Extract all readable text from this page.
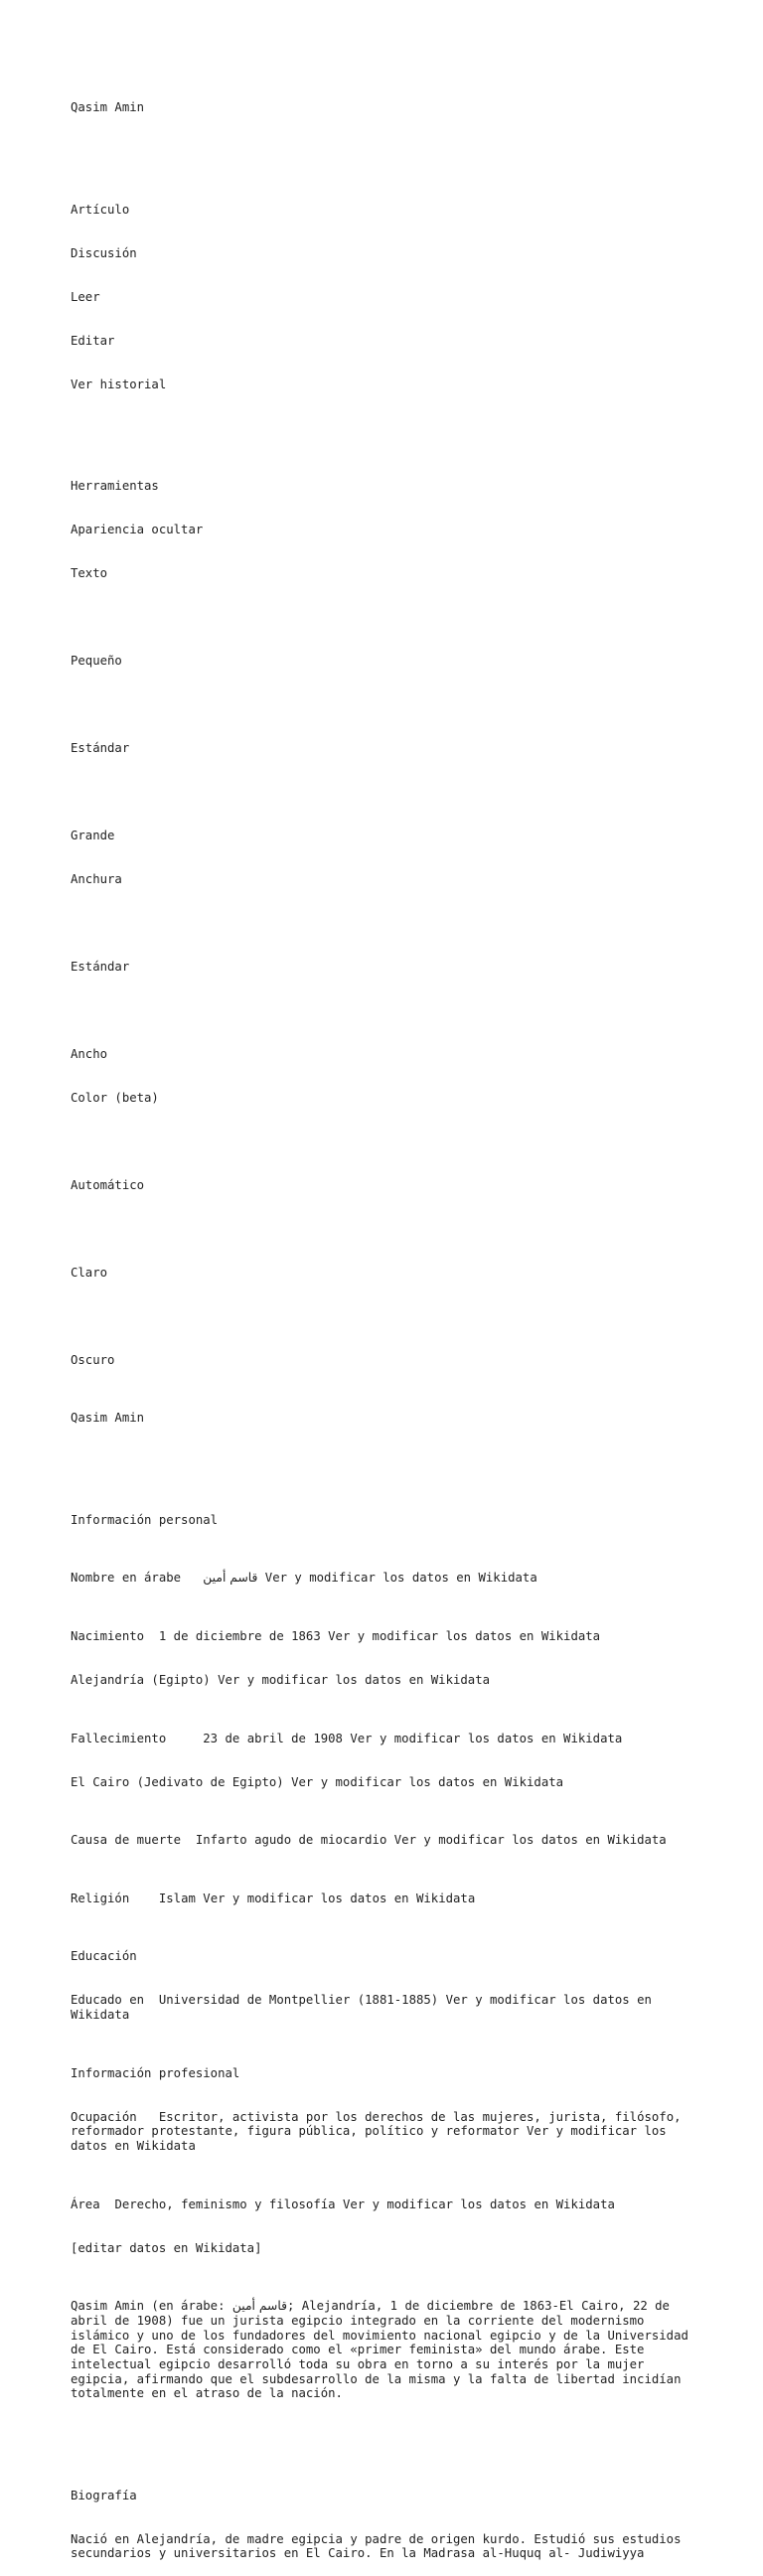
Qasim Amin

Artículo

Discusión

Leer

Editar

Ver historial

Herramientas

Apariencia ocultar

Texto

Pequeño

Estándar

Grande

Anchura

Estándar

Ancho

Color (beta)

Automático

Claro

Oscuro

Qasim Amin

Información personal

Nombre en árabe قاسم أمين Ver y modificar los datos en Wikidata

Nacimiento 1 de diciembre de 1863 Ver y modificar los datos en Wikidata

Alejandría (Egipto) Ver y modificar los datos en Wikidata

Fallecimiento	23 de abril de 1908 Ver y modificar los datos en Wikidata

El Cairo (Jedivato de Egipto) Ver y modificar los datos en Wikidata

Causa de muerte Infarto agudo de miocardio Ver y modificar los datos en Wikidata

Religión Islam Ver y modificar los datos en Wikidata

Educación

Educado en Universidad de Montpellier (1881-1885) Ver y modificar los datos en Wikidata

Información profesional

Ocupación Escritor, activista por los derechos de las mujeres, jurista, filósofo, reformador protestante, figura pública, político y reformator Ver y modificar los datos en Wikidata

Área Derecho, feminismo y filosofía Ver y modificar los datos en Wikidata

[editar datos en Wikidata]

Qasim Amin (en árabe: قاسم أمين; Alejandría, 1 de diciembre de 1863-El Cairo, 22 de abril de 1908) fue un jurista egipcio integrado en la corriente del modernismo islámico y uno de los fundadores del movimiento nacional egipcio y de la Universidad de El Cairo. Está considerado como el «primer feminista» del mundo árabe. Este intelectual egipcio desarrolló toda su obra en torno a su interés por la mujer egipcia, afirmando que el subdesarrollo de la misma y la falta de libertad incidían totalmente en el atraso de la nación.

Biografía

Nació en Alejandría, de madre egipcia y padre de origen kurdo. Estudió sus estudios secundarios y universitarios en El Cairo. En la Madrasa al-Huquq al- Judiwiyya
